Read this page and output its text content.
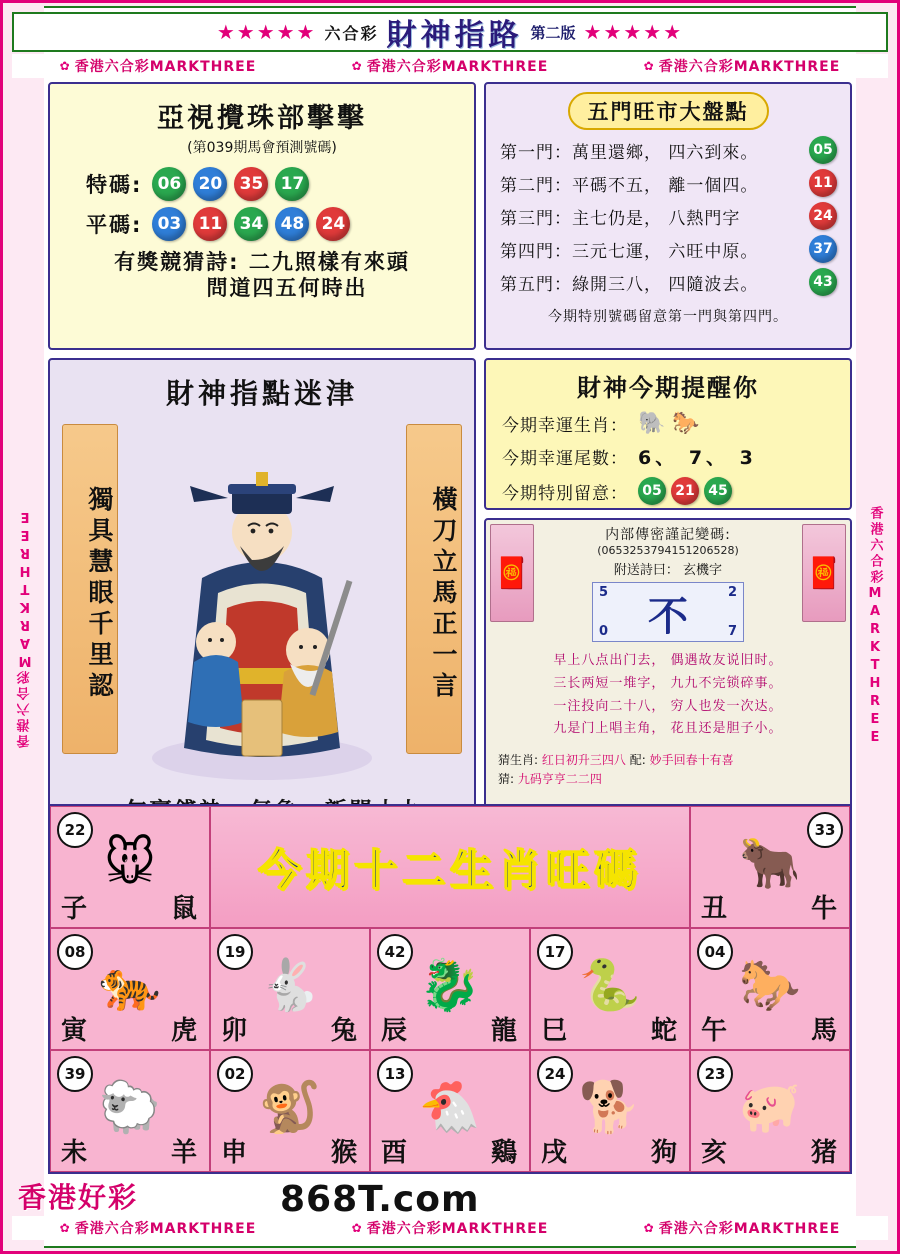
香港六合彩MARKTHREE	香港六合彩MARKTHREE
★★★★★ 六合彩 財神指路 第二版 ★★★★★
✿ 香港六合彩MARKTHREE	✿ 香港六合彩MARKTHREE	✿ 香港六合彩MARKTHREE
亞視攪珠部擊擊
(第039期馬會預測號碼)
特碼: 06	20	35	17
平碼: 03	11	34	48	24
有獎競猜詩: 二九照樣有來頭
問道四五何時出
五門旺市大盤點
第一門：萬里還鄉， 四六到來。	05
第二門：平碼不五， 離一個四。	11
第三門：主七仍是， 八熱門字	24
第四門：三元七運， 六旺中原。	37
第五門：綠開三八， 四隨波去。	43
今期特別號碼留意第一門與第四門。
財神指點迷津
獨具慧眼千里認	橫刀立馬正一言
財神今期提醒你
今期幸運生肖： 🐘 🐎
今期幸運尾數： 6、 7、 3
今期特別留意：	05 21 45
🧧
内部傳密謹記變碼:
(0653253794151206528)
附送詩曰： 玄機字
不
2
7
5
0
🧧
早上八点出门去， 偶遇故友说旧时。
三长两短一堆字， 九九不完锁碎事。
一注投向二十八， 穷人也发一次达。
九是门上唱主角， 花且还是胆子小。
猜生肖: 红日初升三四八 配: 妙手回春十有喜
猜: 九码亨亨二二四
22
🐭
子	鼠
今期十二生肖旺碼
33
🐂
丑	牛
08
🐅
寅	虎
19
🐇
卯	兔
42
🐉
辰	龍
17
🐍
巳	蛇
04
🐎
午	馬
39
🐑
未	羊
02
🐒
申	猴
13
🐔
酉	鷄
24
🐕
戌	狗
23
🐖
亥	猪
✿ 香港六合彩MARKTHREE	✿ 香港六合彩MARKTHREE	✿ 香港六合彩MARKTHREE
香港好彩	868T.com
